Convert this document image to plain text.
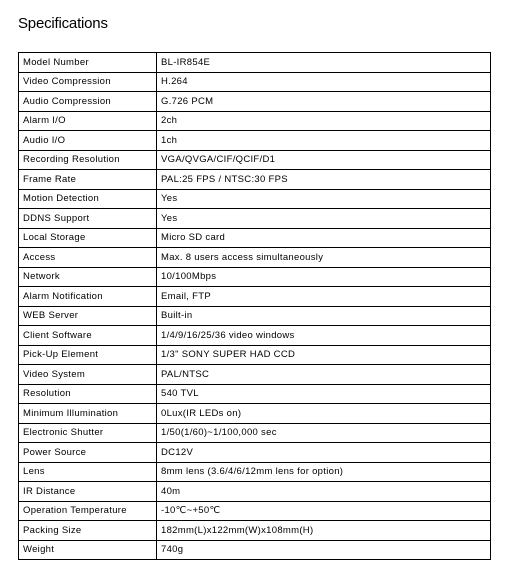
Specifications
Model Number	BL-IR854E
Video Compression	H.264
Audio Compression	G.726 PCM
Alarm I/O	2ch
Audio I/O	1ch
Recording Resolution	VGA/QVGA/CIF/QCIF/D1
Frame Rate	PAL:25 FPS / NTSC:30 FPS
Motion Detection	Yes
DDNS Support	Yes
Local Storage	Micro SD card
Access	Max. 8 users access simultaneously
Network	10/100Mbps
Alarm Notification	Email, FTP
WEB Server	Built-in
Client Software	1/4/9/16/25/36 video windows
Pick-Up Element	1/3" SONY SUPER HAD CCD
Video System	PAL/NTSC
Resolution	540 TVL
Minimum Illumination	0Lux(IR LEDs on)
Electronic Shutter	1/50(1/60)~1/100,000 sec
Power Source	DC12V
Lens	8mm lens (3.6/4/6/12mm lens for option)
IR Distance	40m
Operation Temperature	-10℃~+50℃
Packing Size	182mm(L)x122mm(W)x108mm(H)
Weight	740g
